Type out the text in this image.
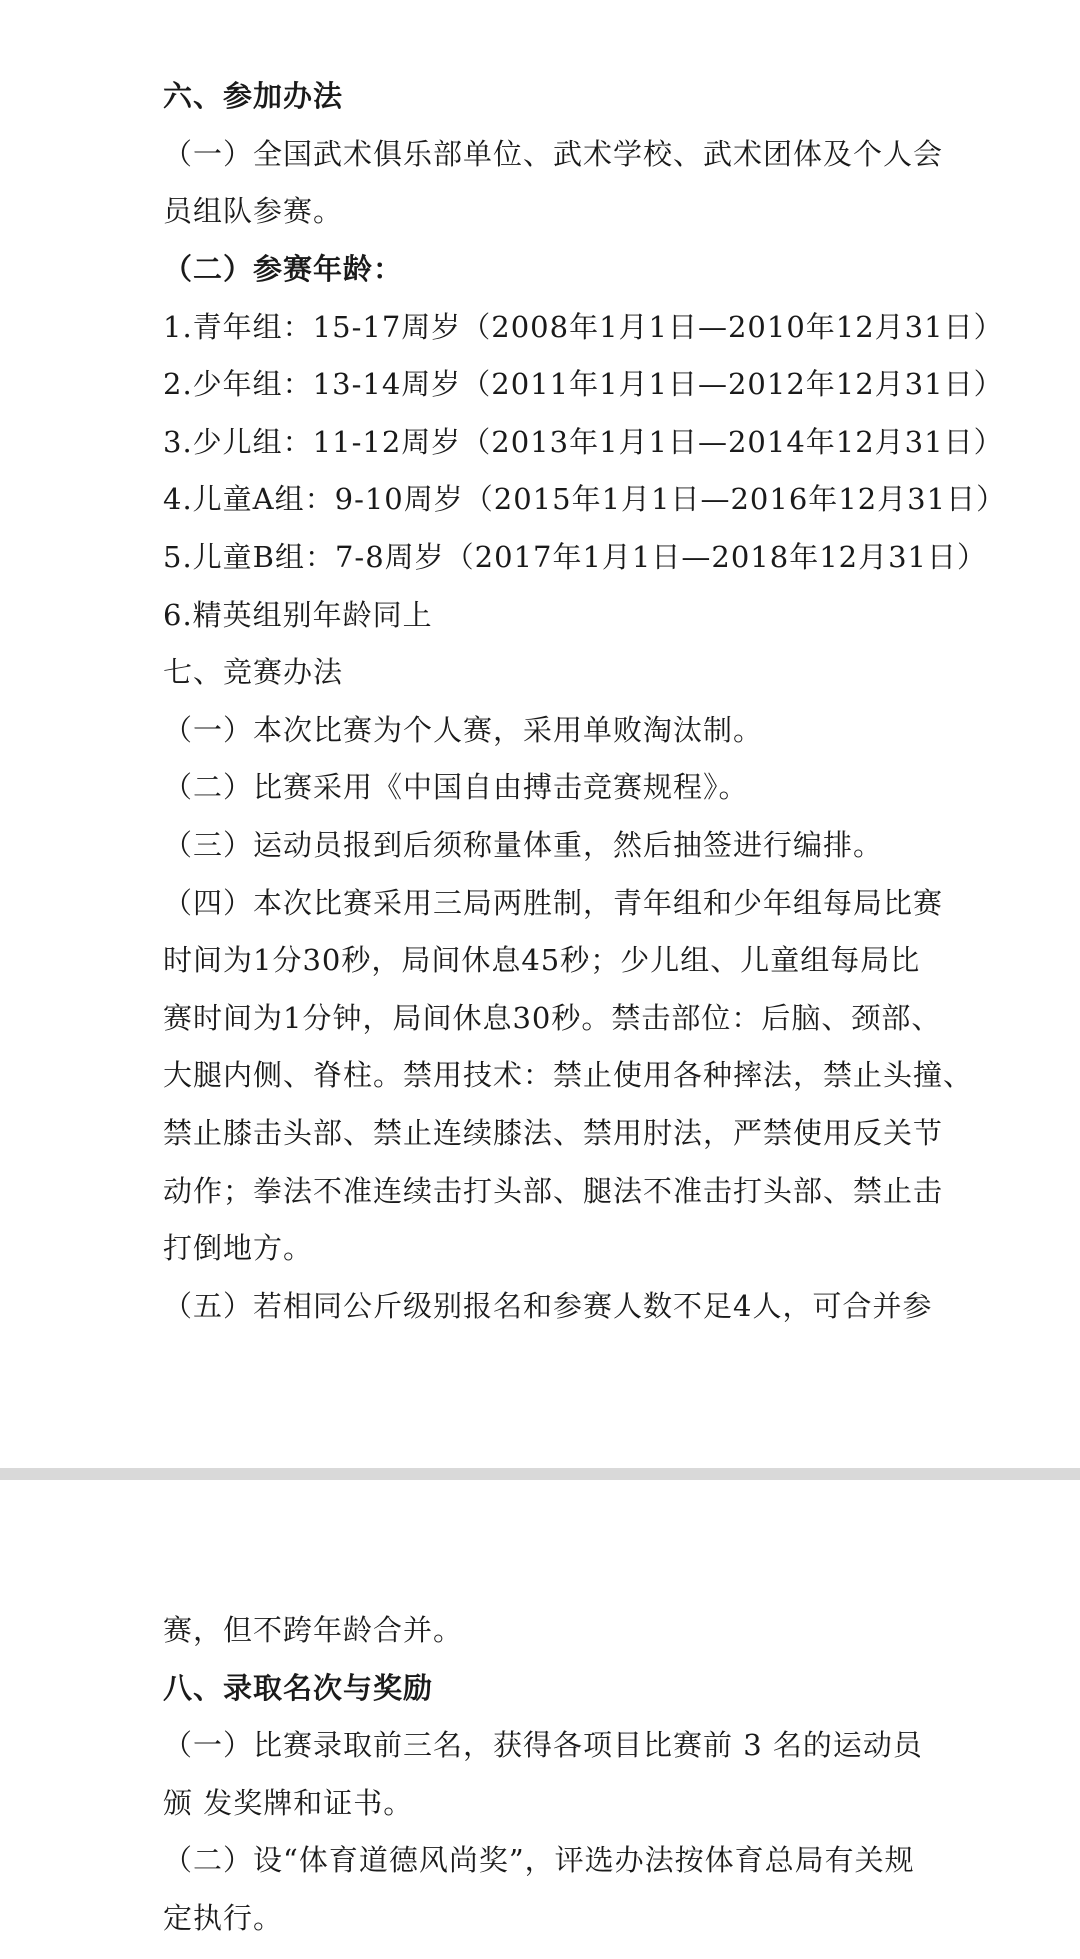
六、参加办法
（一）全国武术俱乐部单位、武术学校、武术团体及个人会
员组队参赛。
（二）参赛年龄：
1.青年组：15-17周岁（2008年1月1日—2010年12月31日）
2.少年组：13-14周岁（2011年1月1日—2012年12月31日）
3.少儿组：11-12周岁（2013年1月1日—2014年12月31日）
4.儿童A组：9-10周岁（2015年1月1日—2016年12月31日）
5.儿童B组：7-8周岁（2017年1月1日—2018年12月31日）
6.精英组别年龄同上
七、竞赛办法
（一）本次比赛为个人赛，采用单败淘汰制。
（二）比赛采用《中国自由搏击竞赛规程》。
（三）运动员报到后须称量体重，然后抽签进行编排。
（四）本次比赛采用三局两胜制，青年组和少年组每局比赛
时间为1分30秒，局间休息45秒；少儿组、儿童组每局比
赛时间为1分钟，局间休息30秒。禁击部位：后脑、颈部、
大腿内侧、脊柱。禁用技术：禁止使用各种摔法，禁止头撞、
禁止膝击头部、禁止连续膝法、禁用肘法，严禁使用反关节
动作；拳法不准连续击打头部、腿法不准击打头部、禁止击
打倒地方。
（五）若相同公斤级别报名和参赛人数不足4人，可合并参
赛，但不跨年龄合并。
八、录取名次与奖励
（一）比赛录取前三名，获得各项目比赛前 3 名的运动员
颁 发奖牌和证书。
（二）设“体育道德风尚奖”，评选办法按体育总局有关规
定执行。
